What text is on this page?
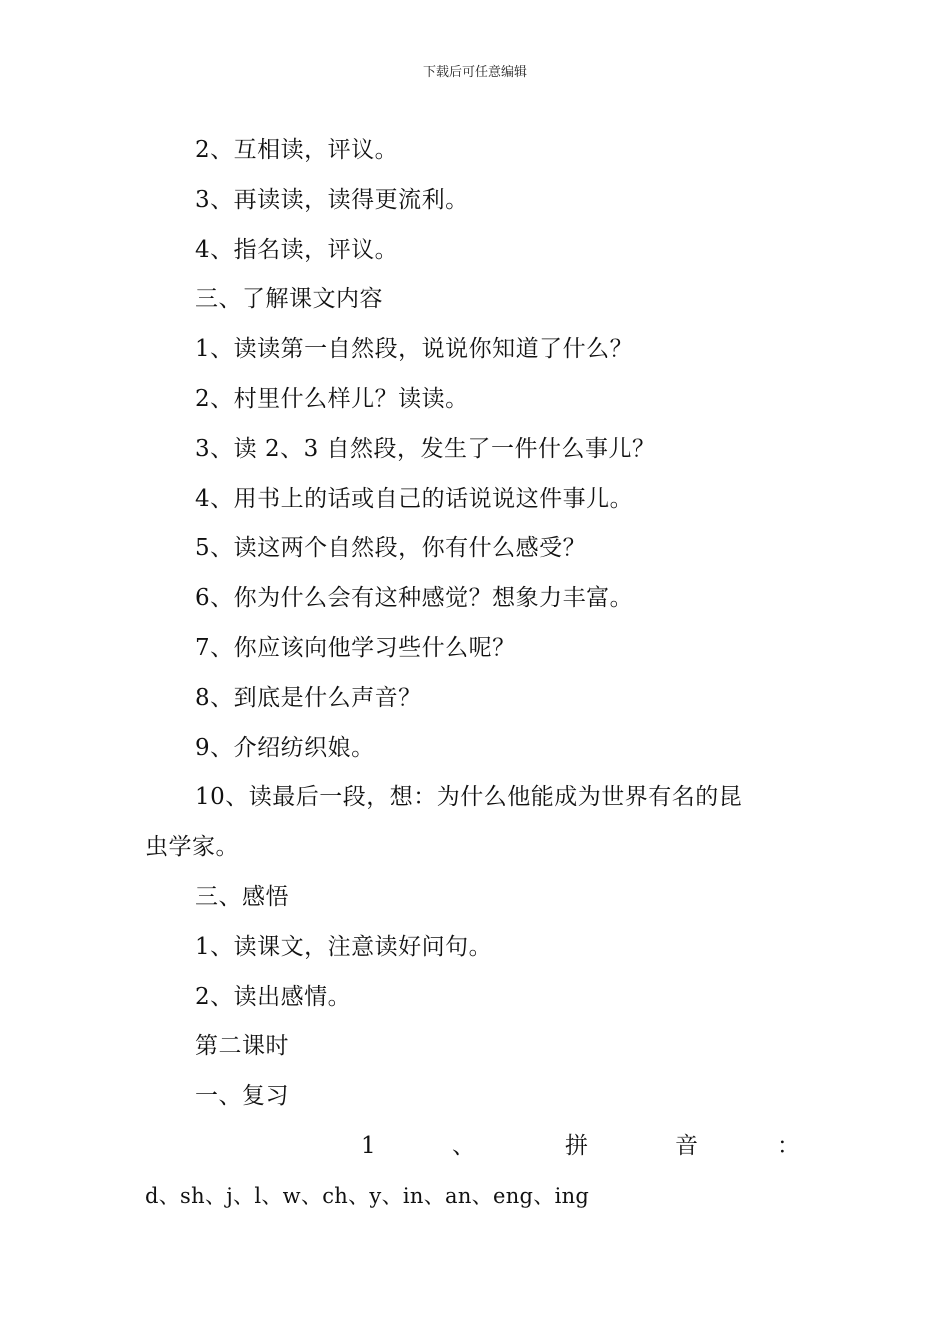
下载后可任意编辑
2、互相读，评议。
3、再读读，读得更流利。
4、指名读，评议。
三、了解课文内容
1、读读第一自然段，说说你知道了什么？
2、村里什么样儿？读读。
3、读 2、3 自然段，发生了一件什么事儿？
4、用书上的话或自己的话说说这件事儿。
5、读这两个自然段，你有什么感受？
6、你为什么会有这种感觉？想象力丰富。
7、你应该向他学习些什么呢？
8、到底是什么声音？
9、介绍纺织娘。
10、读最后一段，想：为什么他能成为世界有名的昆
虫学家。
三、感悟
1、读课文，注意读好问句。
2、读出感情。
第二课时
一、复习
1	、	拼	音	：
d、sh、j、l、w、ch、y、in、an、eng、ing
